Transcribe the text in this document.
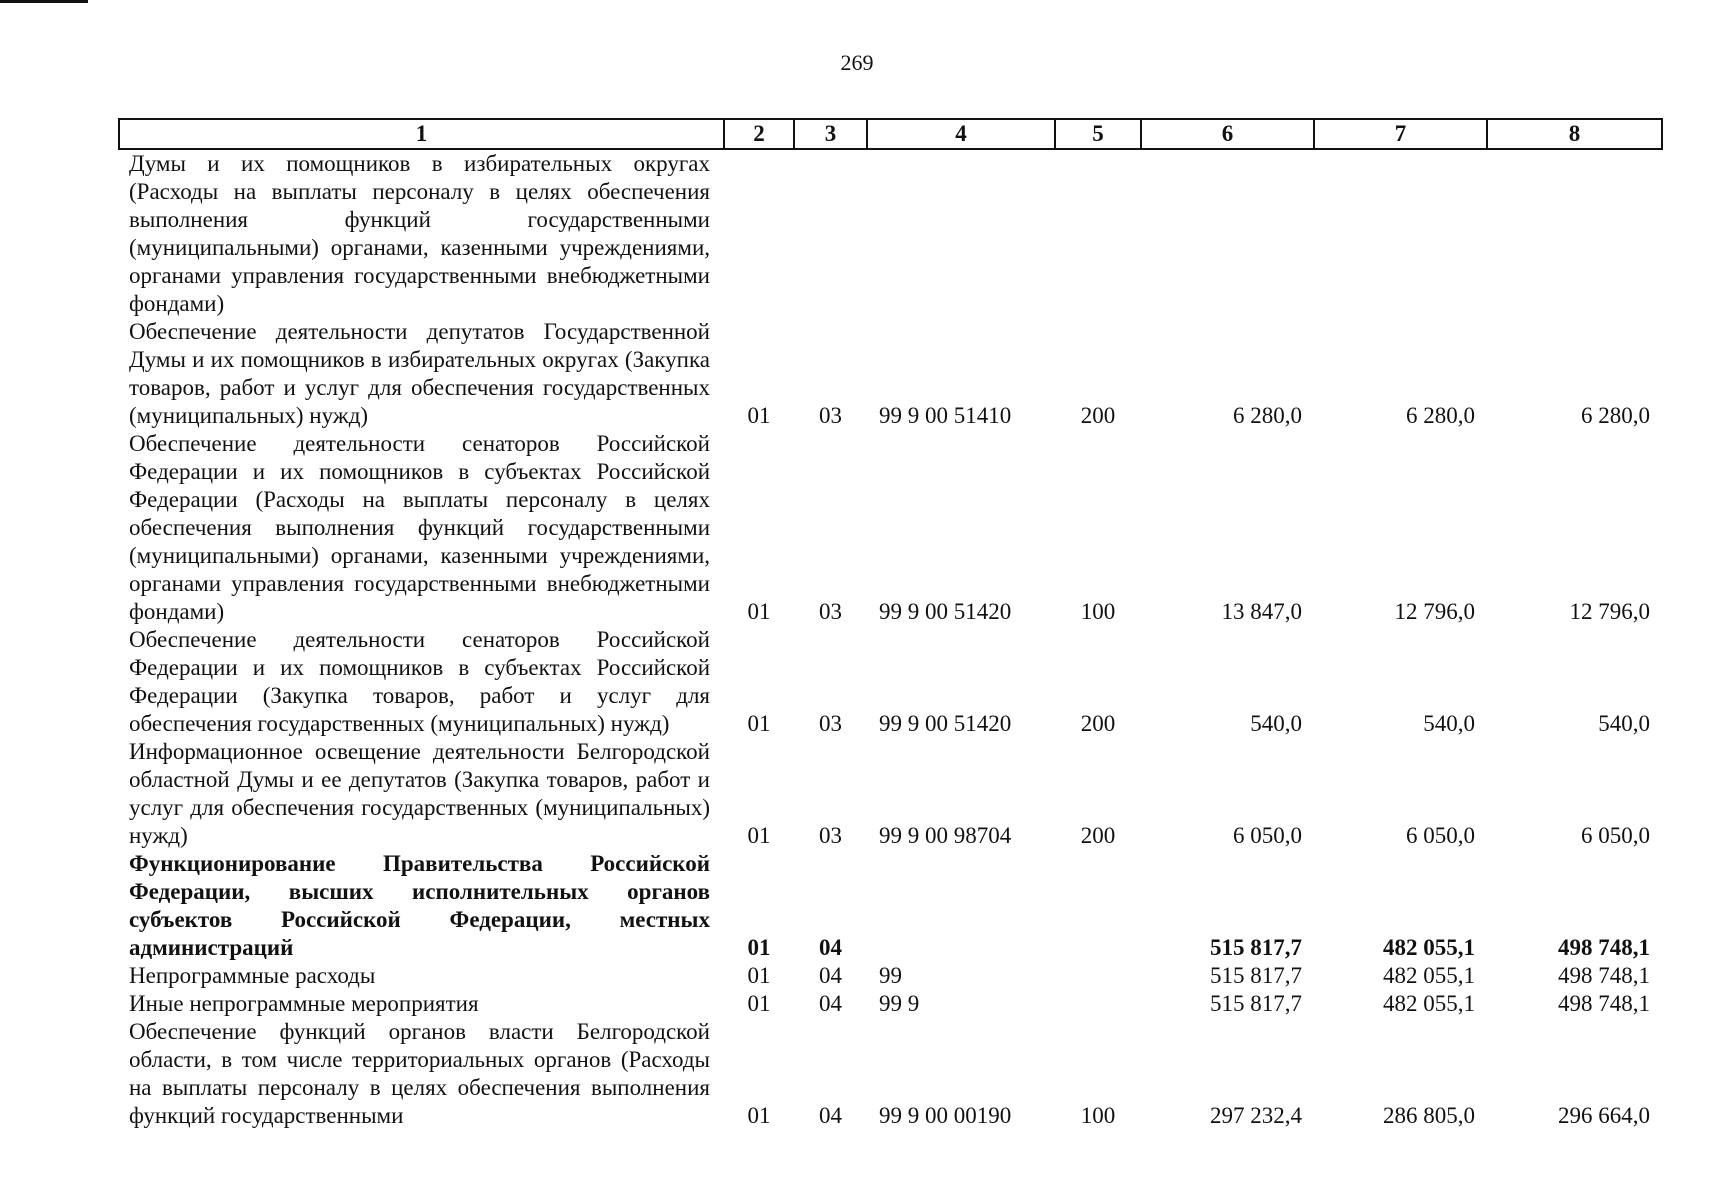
269
1	2	3	4	5	6	7	8
Думы и их помощников в избирательных округах (Расходы на выплаты персоналу в целях обеспечения выполнения функций государственными (муниципальными) органами, казенными учреждениями, органами управления государственными внебюджетными фондами)							
Обеспечение деятельности депутатов Государственной Думы и их помощников в избирательных округах (Закупка товаров, работ и услуг для обеспечения государственных (муниципальных) нужд)	01	03	99 9 00 51410	200	6 280,0	6 280,0	6 280,0
Обеспечение деятельности сенаторов Российской Федерации и их помощников в субъектах Российской Федерации (Расходы на выплаты персоналу в целях обеспечения выполнения функций государственными (муниципальными) органами, казенными учреждениями, органами управления государственными внебюджетными фондами)	01	03	99 9 00 51420	100	13 847,0	12 796,0	12 796,0
Обеспечение деятельности сенаторов Российской Федерации и их помощников в субъектах Российской Федерации (Закупка товаров, работ и услуг для обеспечения государственных (муниципальных) нужд)	01	03	99 9 00 51420	200	540,0	540,0	540,0
Информационное освещение деятельности Белгородской областной Думы и ее депутатов (Закупка товаров, работ и услуг для обеспечения государственных (муниципальных) нужд)	01	03	99 9 00 98704	200	6 050,0	6 050,0	6 050,0
Функционирование Правительства Российской Федерации, высших исполнительных органов субъектов Российской Федерации, местных администраций	01	04			515 817,7	482 055,1	498 748,1
Непрограммные расходы	01	04	99		515 817,7	482 055,1	498 748,1
Иные непрограммные мероприятия	01	04	99 9		515 817,7	482 055,1	498 748,1
Обеспечение функций органов власти Белгородской области, в том числе территориальных органов (Расходы на выплаты персоналу в целях обеспечения выполнения функций государственными	01	04	99 9 00 00190	100	297 232,4	286 805,0	296 664,0
